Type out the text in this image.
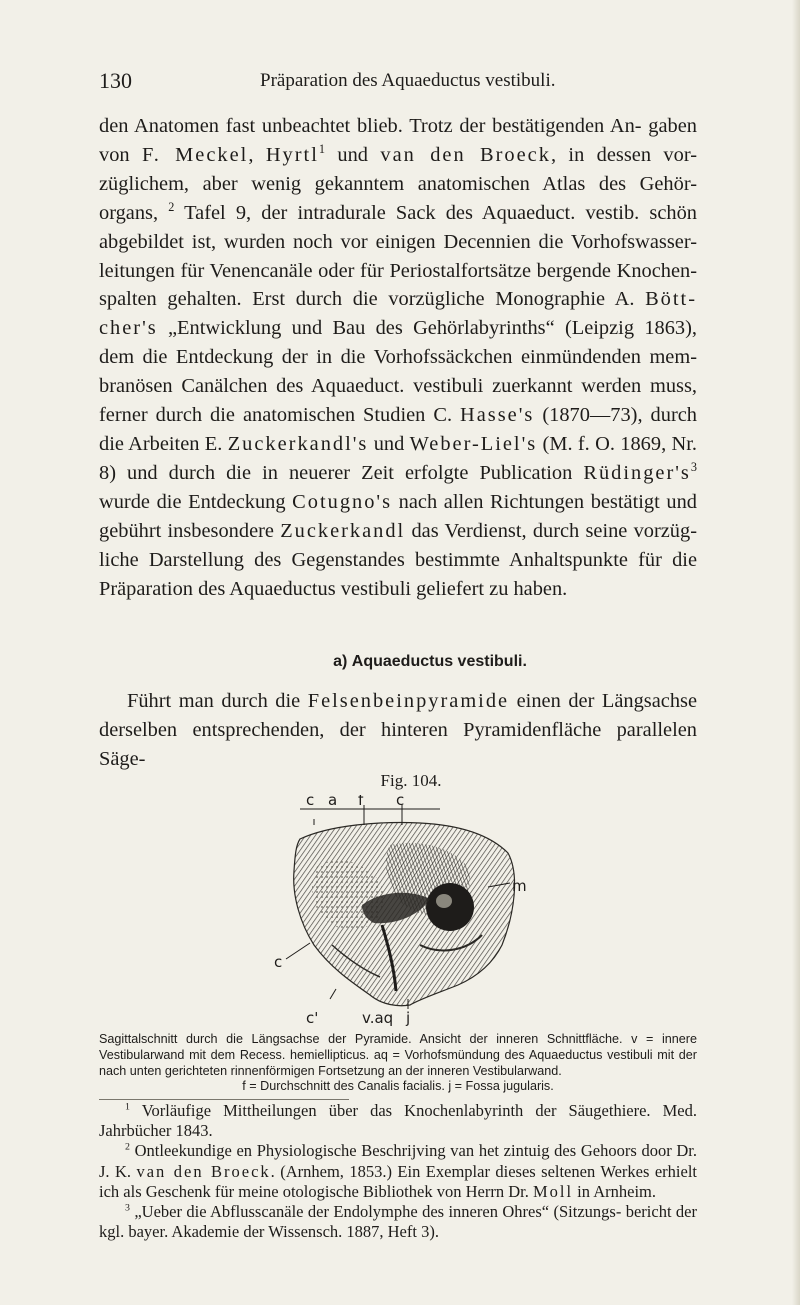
130	Präparation des Aquaeductus vestibuli.

den Anatomen fast unbeachtet blieb. Trotz der bestätigenden An- gaben von F. Meckel, Hyrtl$^1$ und van den Broeck, in dessen vor- züglichem, aber wenig gekanntem anatomischen Atlas des Gehör- organs, $^2$ Tafel 9, der intradurale Sack des Aquaeduct. vestib. schön abgebildet ist, wurden noch vor einigen Decennien die Vorhofswasser- leitungen für Venencanäle oder für Periostalfortsätze bergende Knochen- spalten gehalten. Erst durch die vorzügliche Monographie A. Bött- cher's „Entwicklung und Bau des Gehörlabyrinths“ (Leipzig 1863), dem die Entdeckung der in die Vorhofssäckchen einmündenden mem- branösen Canälchen des Aquaeduct. vestibuli zuerkannt werden muss, ferner durch die anatomischen Studien C. Hasse's (1870—73), durch die Arbeiten E. Zuckerkandl's und Weber-Liel's (M. f. O. 1869, Nr. 8) und durch die in neuerer Zeit erfolgte Publication $Rüdinger's^3$ wurde die Entdeckung Cotugno's nach allen Richtungen bestätigt und gebührt insbesondere Zuckerkandl das Verdienst, durch seine vorzüg- liche Darstellung des Gegenstandes bestimmte Anhaltspunkte für die Präparation des Aquaeductus vestibuli geliefert zu haben.

a) Aquaeductus vestibuli.

Führt man durch die Felsenbeinpyramide einen der Längsachse derselben entsprechenden, der hinteren Pyramidenfläche parallelen Säge-

Fig. 104.
c a f c
m
c
c'	v.aq j

Sagittalschnitt durch die Längsachse der Pyramide. Ansicht der inneren Schnittfläche. v = innere Vestibularwand mit dem Recess. hemiellipticus. aq = Vorhofsmündung des Aquaeductus vestibuli mit der nach unten gerichteten rinnenförmigen Fortsetzung an der inneren Vestibularwand.

f = Durchschnitt des Canalis facialis. j = Fossa jugularis.

$^1$ Vorläufige Mittheilungen über das Knochenlabyrinth der Säugethiere. Med. Jahrbücher 1843.

$^2$ Ontleekundige en Physiologische Beschrijving van het zintuig des Gehoors door Dr. J. K. van den Broeck. (Arnhem, 1853.) Ein Exemplar dieses seltenen Werkes erhielt ich als Geschenk für meine otologische Bibliothek von Herrn Dr. Moll in Arnheim.

$^3$ „Ueber die Abflusscanäle der Endolymphe des inneren Ohres“ (Sitzungs- bericht der kgl. bayer. Akademie der Wissensch. 1887, Heft 3).
